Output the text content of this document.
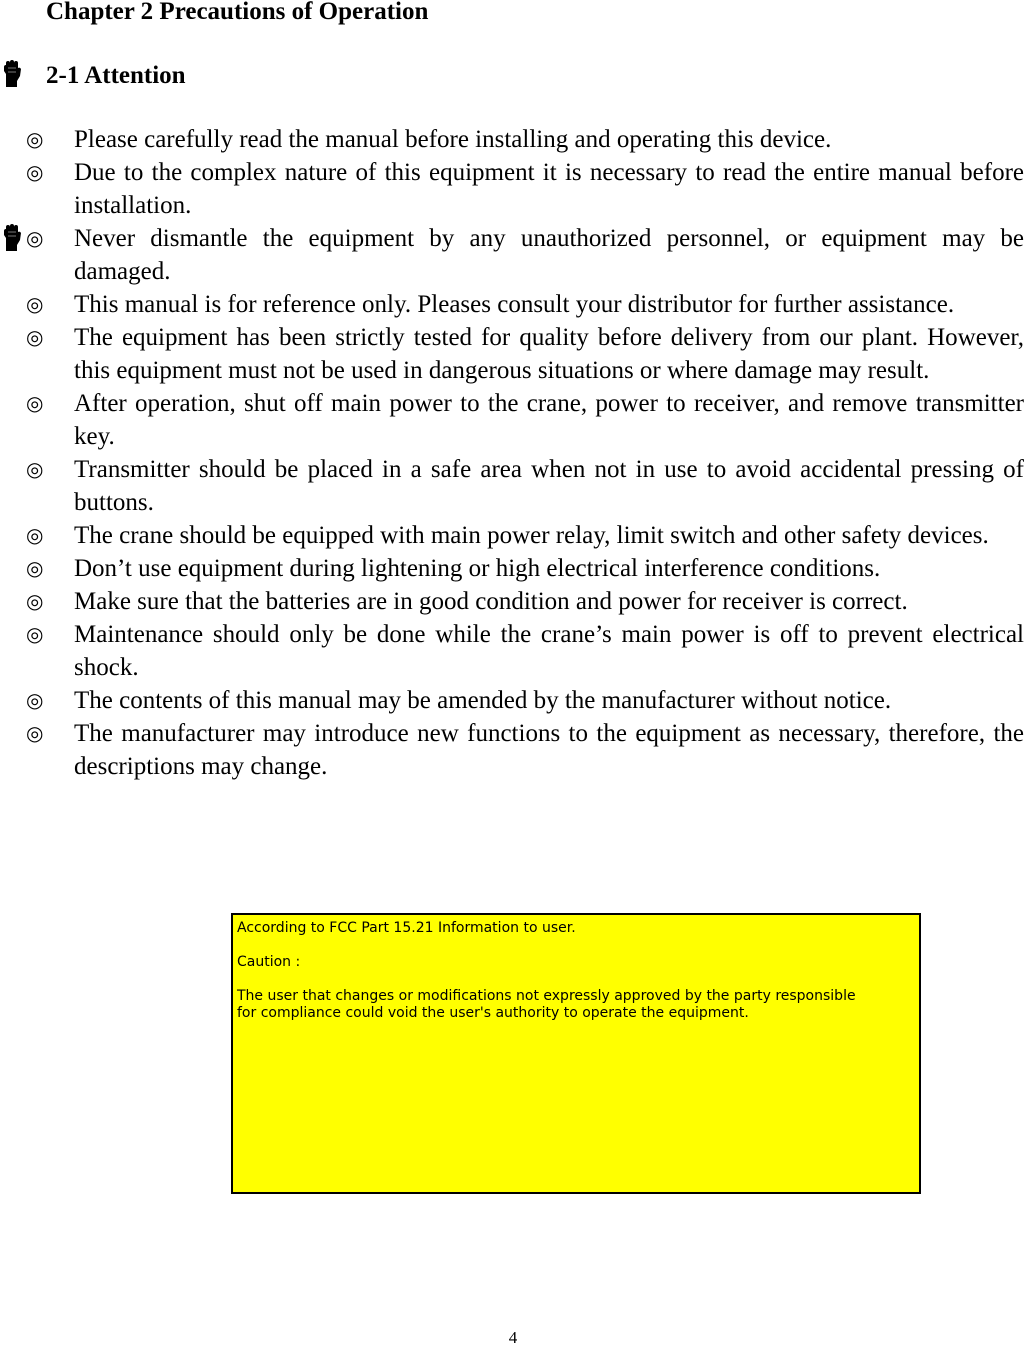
Chapter 2 Precautions of Operation
2-1 Attention
◎	Please carefully read the manual before installing and operating this device.
◎	Due to the complex nature of this equipment it is necessary to read the entire manual before installation.
◎	Never dismantle the equipment by any unauthorized personnel, or equipment may be damaged.
◎	This manual is for reference only. Pleases consult your distributor for further assistance.
◎	The equipment has been strictly tested for quality before delivery from our plant. However, this equipment must not be used in dangerous situations or where damage may result.
◎	After operation, shut off main power to the crane, power to receiver, and remove transmitter key.
◎	Transmitter should be placed in a safe area when not in use to avoid accidental pressing of buttons.
◎	The crane should be equipped with main power relay, limit switch and other safety devices.
◎	Don’t use equipment during lightening or high electrical interference conditions.
◎	Make sure that the batteries are in good condition and power for receiver is correct.
◎	Maintenance should only be done while the crane’s main power is off to prevent electrical shock.
◎	The contents of this manual may be amended by the manufacturer without notice.
◎	The manufacturer may introduce new functions to the equipment as necessary, therefore, the descriptions may change.

According to FCC Part 15.21 Information to user.

Caution :

The user that changes or modifications not expressly approved by the party responsible for compliance could void the user's authority to operate the equipment.

4
